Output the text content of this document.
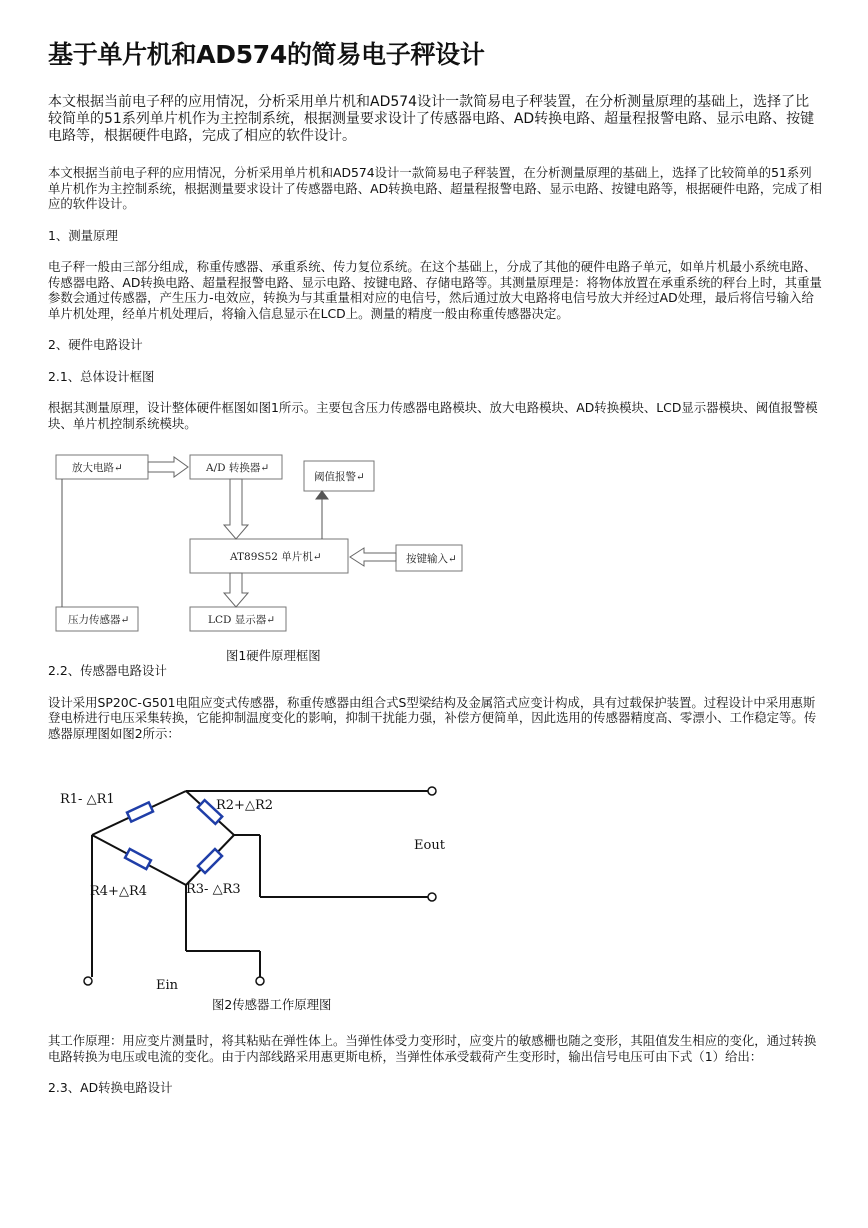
基于单片机和AD574的简易电子秤设计

本文根据当前电子秤的应用情况，分析采用单片机和AD574设计一款简易电子秤装置，在分析测量原理的基础上，选择了比较简单的51系列单片机作为主控制系统，根据测量要求设计了传感器电路、AD转换电路、超量程报警电路、显示电路、按键电路等，根据硬件电路，完成了相应的软件设计。

本文根据当前电子秤的应用情况，分析采用单片机和AD574设计一款简易电子秤装置，在分析测量原理的基础上，选择了比较简单的51系列单片机作为主控制系统，根据测量要求设计了传感器电路、AD转换电路、超量程报警电路、显示电路、按键电路等，根据硬件电路，完成了相应的软件设计。

1、测量原理

电子秤一般由三部分组成，称重传感器、承重系统、传力复位系统。在这个基础上，分成了其他的硬件电路子单元，如单片机最小系统电路、传感器电路、AD转换电路、超量程报警电路、显示电路、按键电路、存储电路等。其测量原理是：将物体放置在承重系统的秤台上时，其重量参数会通过传感器，产生压力-电效应，转换为与其重量相对应的电信号，然后通过放大电路将电信号放大并经过AD处理，最后将信号输入给单片机处理，经单片机处理后，将输入信息显示在LCD上。测量的精度一般由称重传感器决定。

2、硬件电路设计

2.1、总体设计框图

根据其测量原理，设计整体硬件框图如图1所示。主要包含压力传感器电路模块、放大电路模块、AD转换模块、LCD显示器模块、阈值报警模块、单片机控制系统模块。

放大电路↵	A/D 转换器↵
阈值报警↵
AT89S52 单片机↵	按键输入↵
压力传感器↵	LCD 显示器↵
图1硬件原理框图

2.2、传感器电路设计

设计采用SP20C-G501电阻应变式传感器，称重传感器由组合式S型梁结构及金属箔式应变计构成，具有过载保护装置。过程设计中采用惠斯登电桥进行电压采集转换，它能抑制温度变化的影响，抑制干扰能力强，补偿方便简单，因此选用的传感器精度高、零漂小、工作稳定等。传感器原理图如图2所示：

R1- △R1	R2+△R2
R4+△R4	R3- △R3
Eout
Ein
图2传感器工作原理图

其工作原理：用应变片测量时，将其粘贴在弹性体上。当弹性体受力变形时，应变片的敏感栅也随之变形，其阻值发生相应的变化，通过转换电路转换为电压或电流的变化。由于内部线路采用惠更斯电桥，当弹性体承受载荷产生变形时，输出信号电压可由下式（1）给出：

2.3、AD转换电路设计
